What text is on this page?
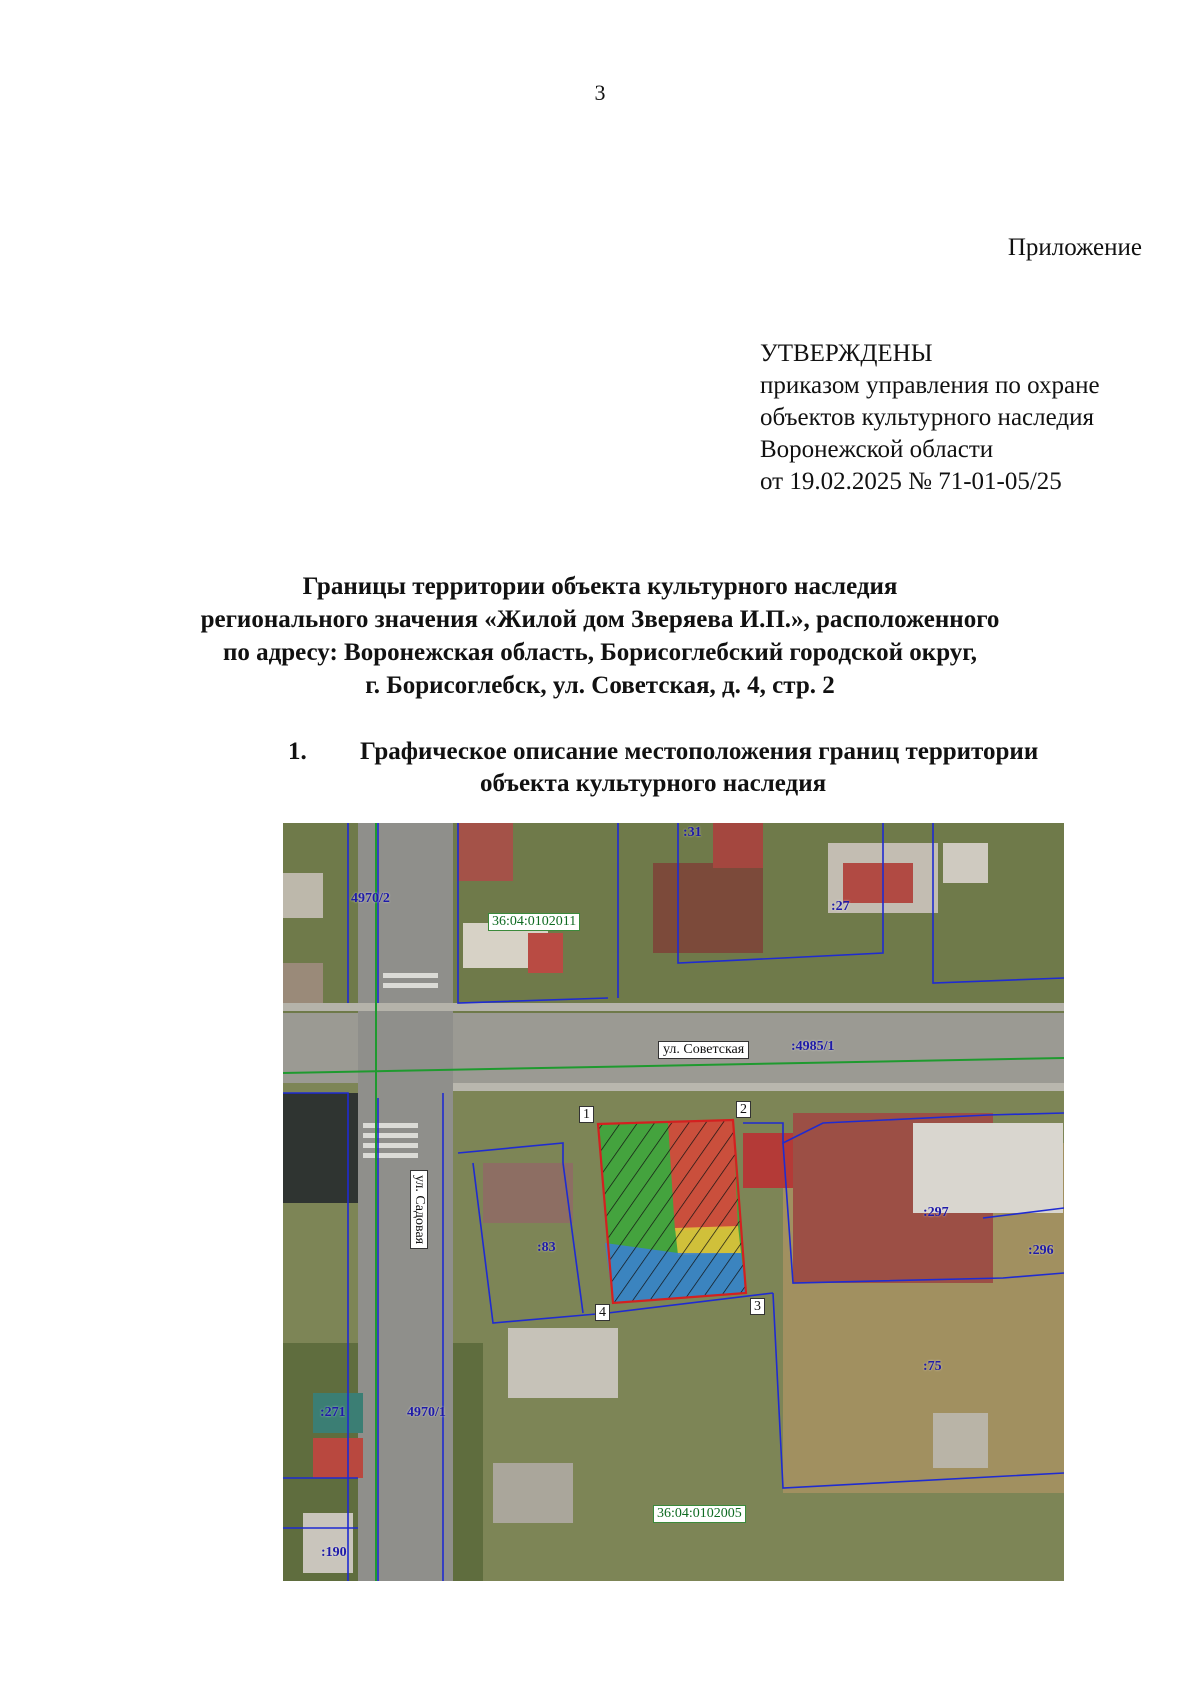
3
Приложение
УТВЕРЖДЕНЫ
приказом управления по охране
объектов культурного наследия
Воронежской области
от 19.02.2025 № 71-01-05/25
Границы территории объекта культурного наследия
регионального значения «Жилой дом Зверяева И.П.», расположенного
по адресу: Воронежская область, Борисоглебский городской округ,
г. Борисоглебск, ул. Советская, д. 4, стр. 2
1. Графическое описание местоположения границ территории
объекта культурного наследия
36:04:0102011
36:04:0102005
ул. Советская
ул. Садовая
4970/2
:31
:27
:4985/1
:297
:296
:83
:75
:271	4970/1
:190
1	2
3
4
